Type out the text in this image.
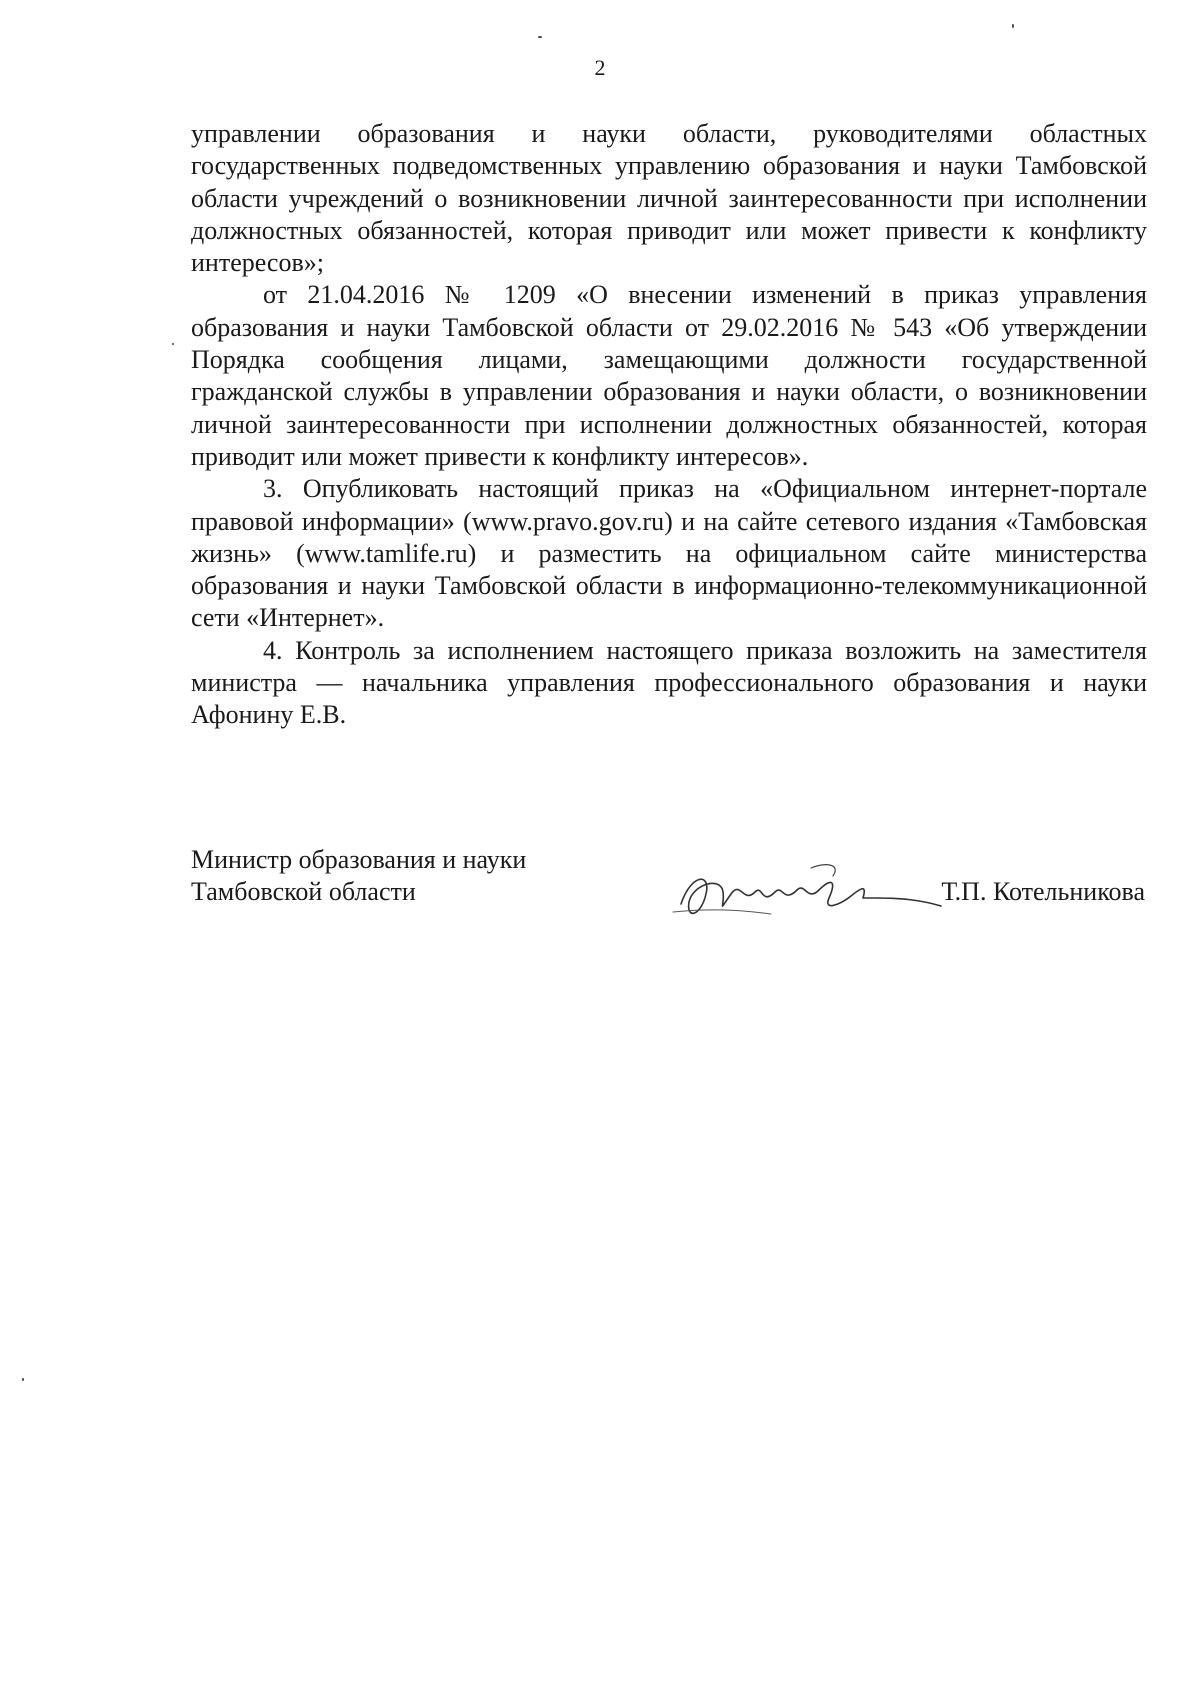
2

управлении образования и науки области, руководителями областных государственных подведомственных управлению образования и науки Тамбовской области учреждений о возникновении личной заинтересованности при исполнении должностных обязанностей, которая приводит или может привести к конфликту интересов»;

от 21.04.2016 № 1209 «О внесении изменений в приказ управления образования и науки Тамбовской области от 29.02.2016 № 543 «Об утверждении Порядка сообщения лицами, замещающими должности государственной гражданской службы в управлении образования и науки области, о возникновении личной заинтересованности при исполнении должностных обязанностей, которая приводит или может привести к конфликту интересов».

3. Опубликовать настоящий приказ на «Официальном интернет-портале правовой информации» (www.pravo.gov.ru) и на сайте сетевого издания «Тамбовская жизнь» (www.tamlife.ru) и разместить на официальном сайте министерства образования и науки Тамбовской области в информационно-телекоммуникационной сети «Интернет».

4. Контроль за исполнением настоящего приказа возложить на заместителя министра — начальника управления профессионального образования и науки Афонину Е.В.

Министр образования и науки
Тамбовской области	Т.П. Котельникова
